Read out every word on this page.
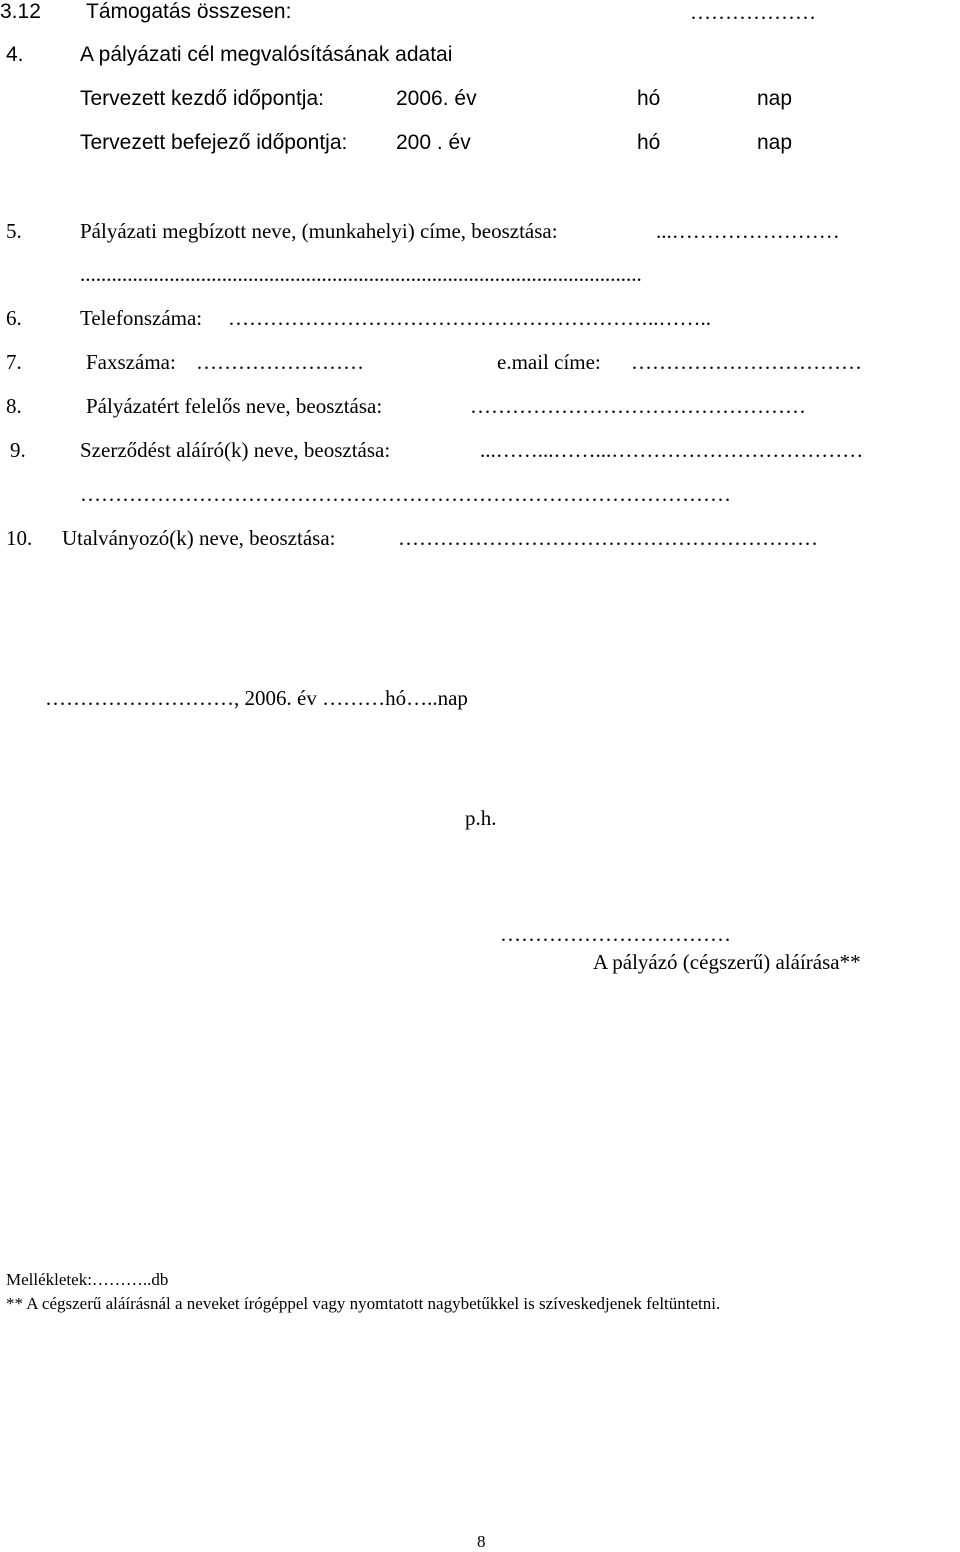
3.12 Támogatás összesen:	………………
4.	A pályázati cél megvalósításának adatai
Tervezett kezdő időpontja:	2006. év	hó	nap
Tervezett befejező időpontja: 200 . év	hó	nap
5.	Pályázati megbízott neve, (munkahelyi) címe, beosztása:	...……………………
...........................................................................................................
6.	Telefonszáma: ……………………………………………………..……..
7.	Faxszáma: ……………………	e.mail címe: ……………………………
8.	Pályázatért felelős neve, beosztása:	…………………………………………
9.	Szerződést aláíró(k) neve, beosztása:	...……...……...………………………………
…………………………………………………………………………………
10. Utalványozó(k) neve, beosztása:	……………………………………………………
………………………, 2006. év ………hó…..nap
p.h.
……………………………
A pályázó (cégszerű) aláírása**
Mellékletek:………..db
** A cégszerű aláírásnál a neveket írógéppel vagy nyomtatott nagybetűkkel is szíveskedjenek feltüntetni.
8
